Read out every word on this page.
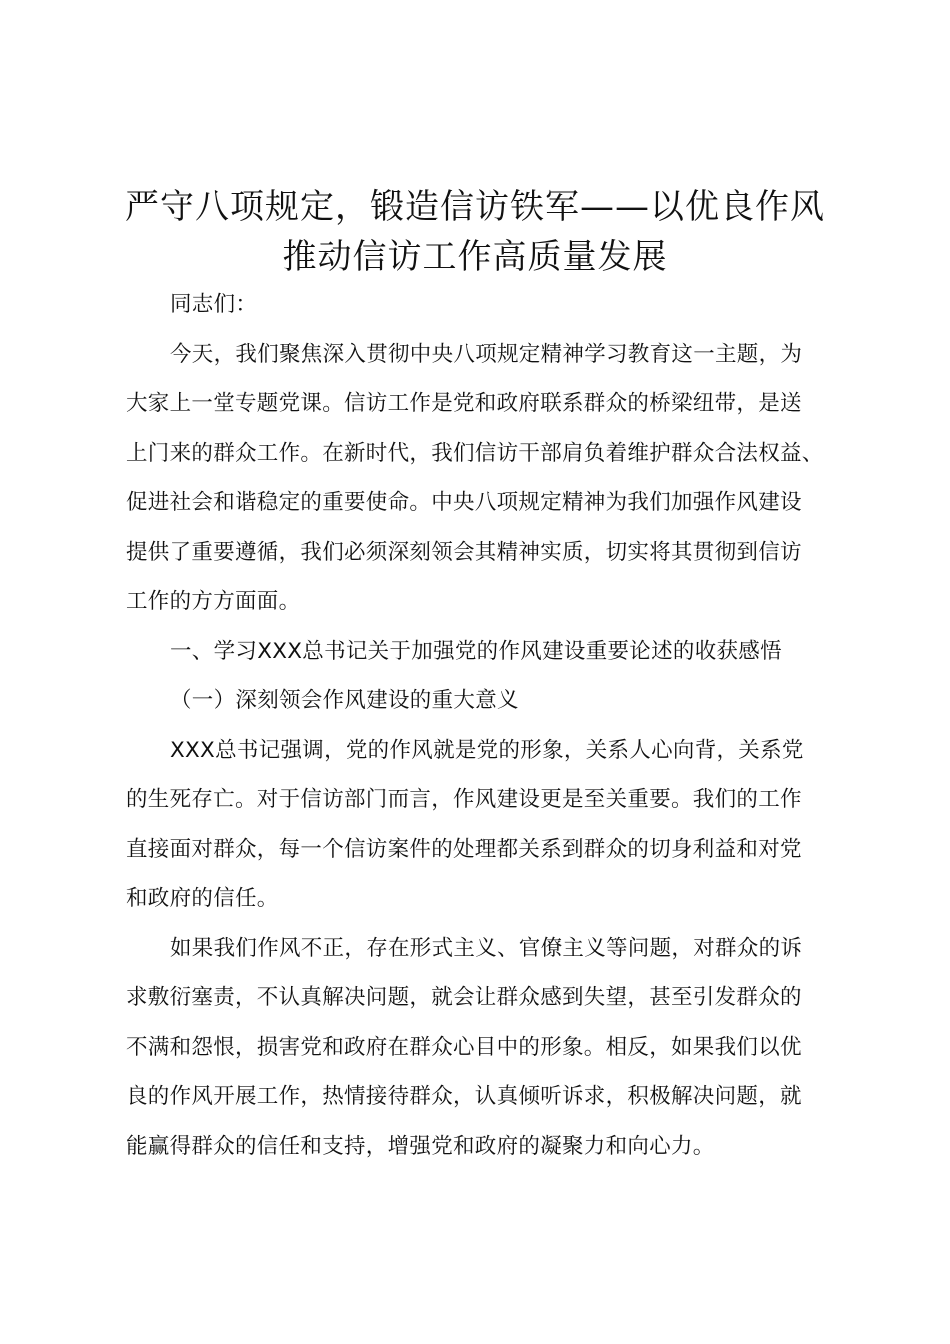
严守八项规定，锻造信访铁军——以优良作风
推动信访工作高质量发展
同志们：
今天，我们聚焦深入贯彻中央八项规定精神学习教育这一主题，为
大家上一堂专题党课。信访工作是党和政府联系群众的桥梁纽带，是送
上门来的群众工作。在新时代，我们信访干部肩负着维护群众合法权益、
促进社会和谐稳定的重要使命。中央八项规定精神为我们加强作风建设
提供了重要遵循，我们必须深刻领会其精神实质，切实将其贯彻到信访
工作的方方面面。
一、学习XXX总书记关于加强党的作风建设重要论述的收获感悟
（一）深刻领会作风建设的重大意义
XXX总书记强调，党的作风就是党的形象，关系人心向背，关系党
的生死存亡。对于信访部门而言，作风建设更是至关重要。我们的工作
直接面对群众，每一个信访案件的处理都关系到群众的切身利益和对党
和政府的信任。
如果我们作风不正，存在形式主义、官僚主义等问题，对群众的诉
求敷衍塞责，不认真解决问题，就会让群众感到失望，甚至引发群众的
不满和怨恨，损害党和政府在群众心目中的形象。相反，如果我们以优
良的作风开展工作，热情接待群众，认真倾听诉求，积极解决问题，就
能赢得群众的信任和支持，增强党和政府的凝聚力和向心力。
